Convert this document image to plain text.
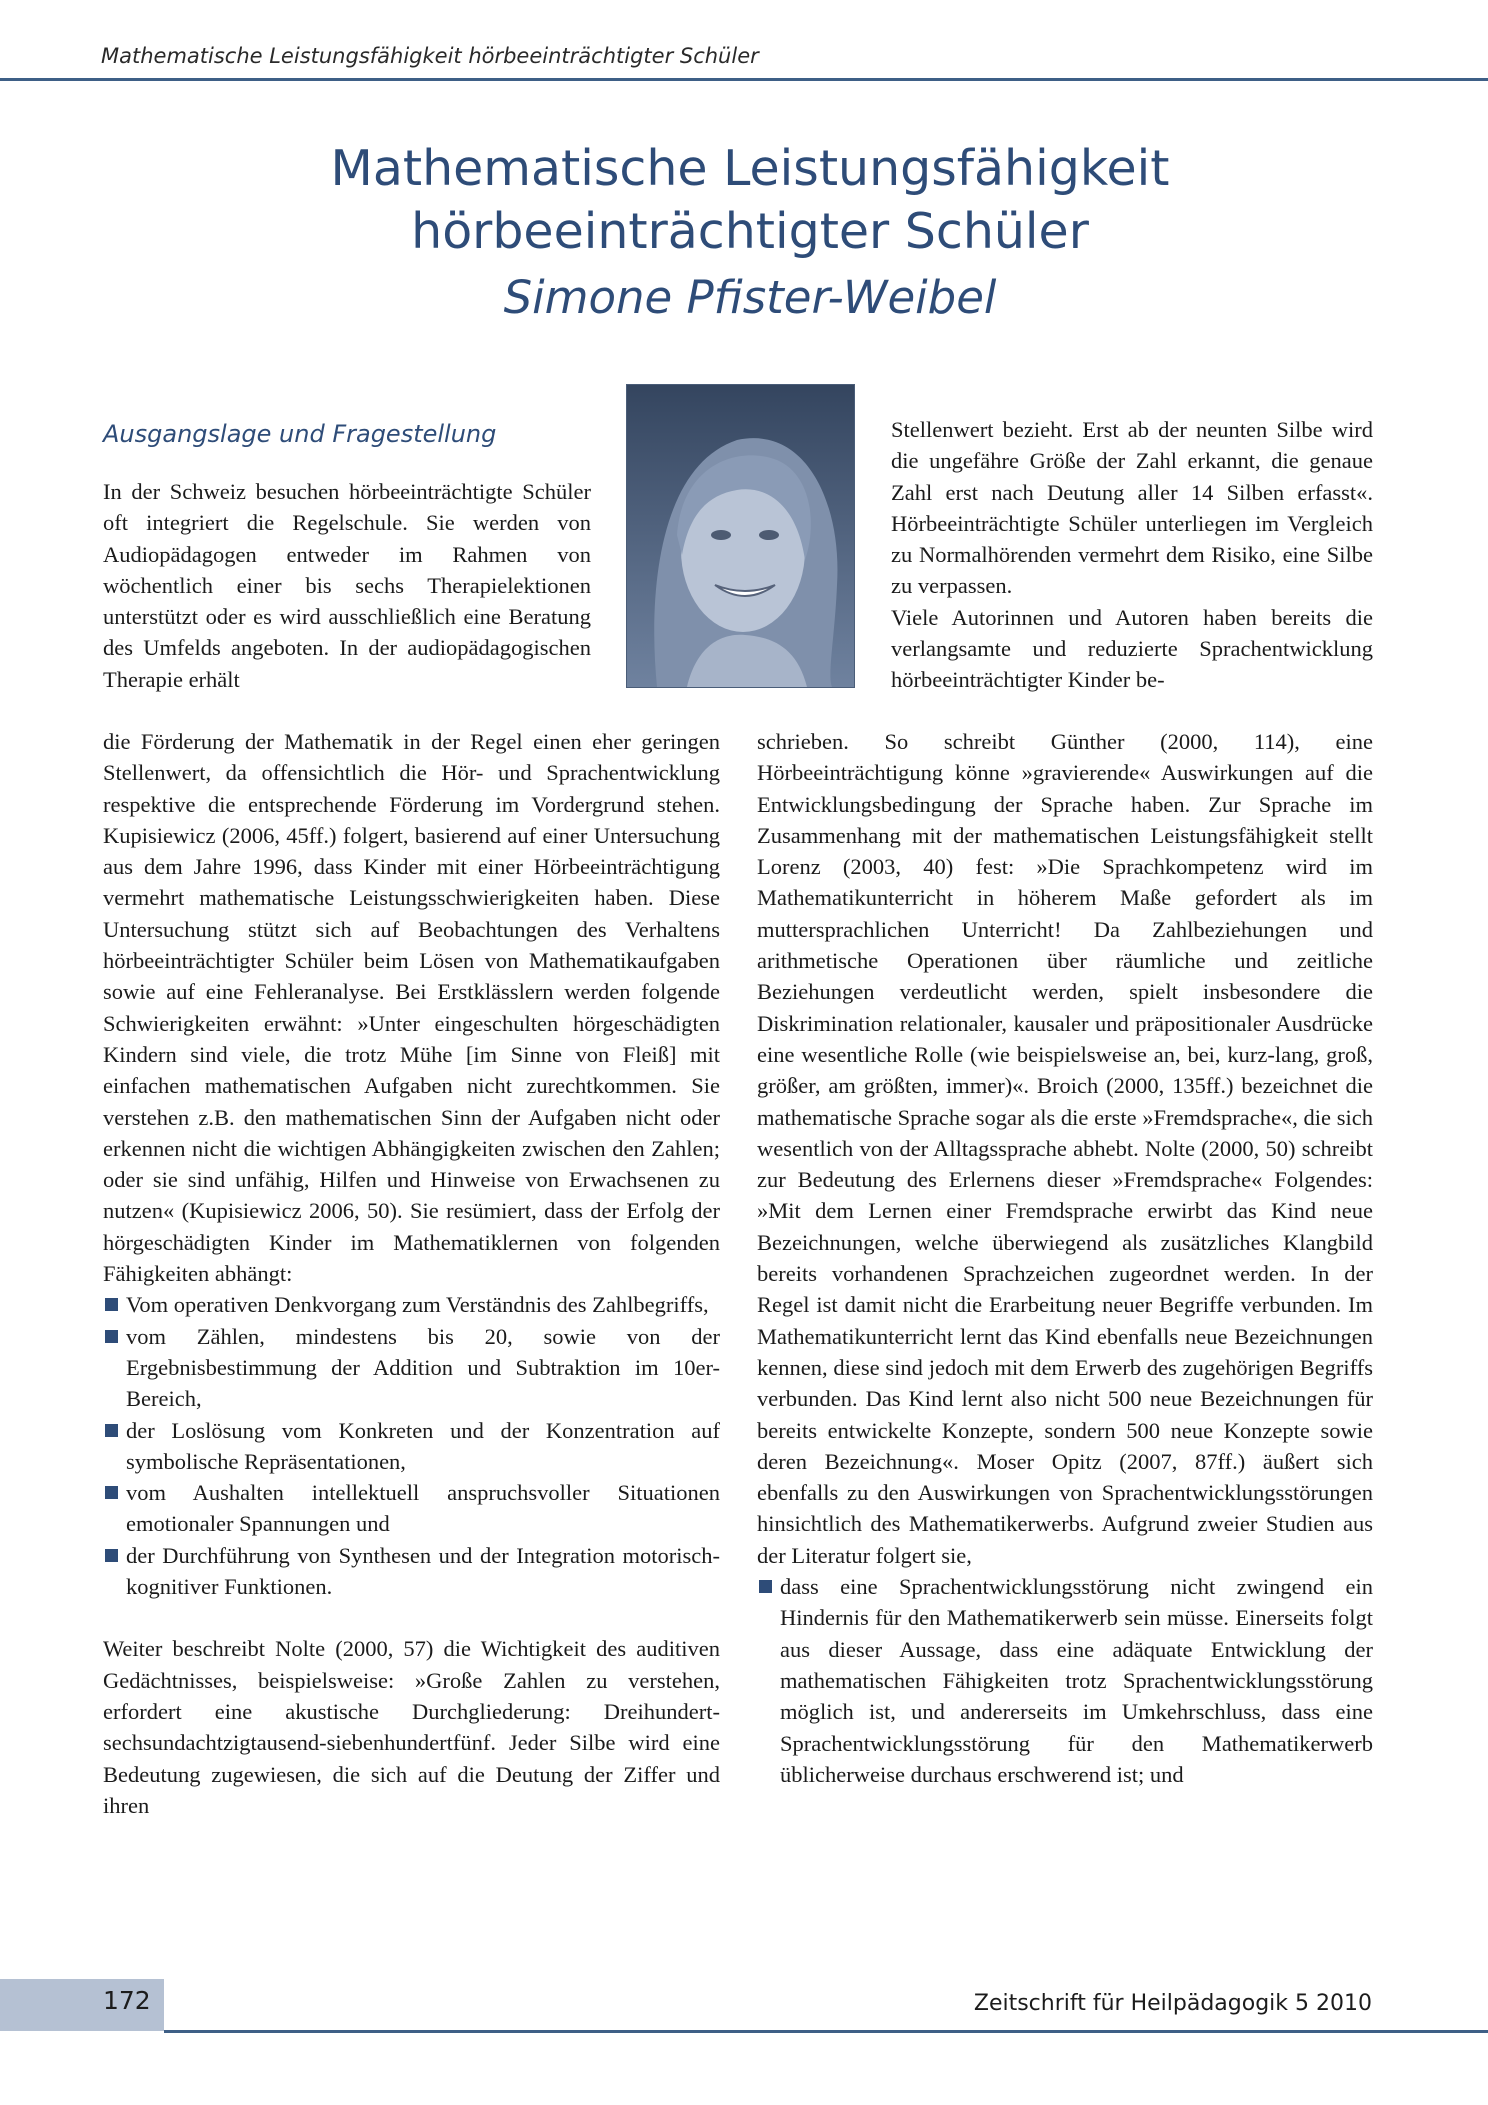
Mathematische Leistungsfähigkeit hörbeeinträchtigter Schüler
Mathematische Leistungsfähigkeit
hörbeeinträchtigter Schüler
Simone Pfister-Weibel
Ausgangslage und Fragestellung

In der Schweiz besuchen hörbeeinträchtigte Schüler oft integriert die Regelschule. Sie werden von Audiopädagogen entweder im Rahmen von wöchentlich einer bis sechs Therapielektionen unterstützt oder es wird ausschließlich eine Beratung des Umfelds angeboten. In der audiopädagogischen Therapie erhält

die Förderung der Mathematik in der Regel einen eher geringen Stellenwert, da offensichtlich die Hör- und Sprachentwicklung respektive die entsprechende Förderung im Vordergrund stehen. Kupisiewicz (2006, 45ff.) folgert, basierend auf einer Untersuchung aus dem Jahre 1996, dass Kinder mit einer Hörbeeinträchtigung vermehrt mathematische Leistungsschwierigkeiten haben. Diese Untersuchung stützt sich auf Beobachtungen des Verhaltens hörbeeinträchtigter Schüler beim Lösen von Mathematikaufgaben sowie auf eine Fehleranalyse. Bei Erstklässlern werden folgende Schwierigkeiten erwähnt: »Unter eingeschulten hörgeschädigten Kindern sind viele, die trotz Mühe [im Sinne von Fleiß] mit einfachen mathematischen Aufgaben nicht zurechtkommen. Sie verstehen z.B. den mathematischen Sinn der Aufgaben nicht oder erkennen nicht die wichtigen Abhängigkeiten zwischen den Zahlen; oder sie sind unfähig, Hilfen und Hinweise von Erwachsenen zu nutzen« (Kupisiewicz 2006, 50). Sie resümiert, dass der Erfolg der hörgeschädigten Kinder im Mathematiklernen von folgenden Fähigkeiten abhängt:

Vom operativen Denkvorgang zum Verständnis des Zahlbegriffs,
vom Zählen, mindestens bis 20, sowie von der Ergebnisbestimmung der Addition und Subtraktion im 10er-Bereich,
der Loslösung vom Konkreten und der Konzentration auf symbolische Repräsentationen,
vom Aushalten intellektuell anspruchsvoller Situationen emotionaler Spannungen und
der Durchführung von Synthesen und der Integration motorisch-kognitiver Funktionen.

Weiter beschreibt Nolte (2000, 57) die Wichtigkeit des auditiven Gedächtnisses, beispielsweise: »Große Zahlen zu verstehen, erfordert eine akustische Durchgliederung: Dreihundert-sechsundachtzigtausend-siebenhundertfünf. Jeder Silbe wird eine Bedeutung zugewiesen, die sich auf die Deutung der Ziffer und ihren

Stellenwert bezieht. Erst ab der neunten Silbe wird die ungefähre Größe der Zahl erkannt, die genaue Zahl erst nach Deutung aller 14 Silben erfasst«. Hörbeeinträchtigte Schüler unterliegen im Vergleich zu Normalhörenden vermehrt dem Risiko, eine Silbe zu verpassen.

Viele Autorinnen und Autoren haben bereits die verlangsamte und reduzierte Sprachentwicklung hörbeeinträchtigter Kinder be-

schrieben. So schreibt Günther (2000, 114), eine Hörbeeinträchtigung könne »gravierende« Auswirkungen auf die Entwicklungsbedingung der Sprache haben. Zur Sprache im Zusammenhang mit der mathematischen Leistungsfähigkeit stellt Lorenz (2003, 40) fest: »Die Sprachkompetenz wird im Mathematikunterricht in höherem Maße gefordert als im muttersprachlichen Unterricht! Da Zahlbeziehungen und arithmetische Operationen über räumliche und zeitliche Beziehungen verdeutlicht werden, spielt insbesondere die Diskrimination relationaler, kausaler und präpositionaler Ausdrücke eine wesentliche Rolle (wie beispielsweise an, bei, kurz-lang, groß, größer, am größten, immer)«. Broich (2000, 135ff.) bezeichnet die mathematische Sprache sogar als die erste »Fremdsprache«, die sich wesentlich von der Alltagssprache abhebt. Nolte (2000, 50) schreibt zur Bedeutung des Erlernens dieser »Fremdsprache« Folgendes: »Mit dem Lernen einer Fremdsprache erwirbt das Kind neue Bezeichnungen, welche überwiegend als zusätzliches Klangbild bereits vorhandenen Sprachzeichen zugeordnet werden. In der Regel ist damit nicht die Erarbeitung neuer Begriffe verbunden. Im Mathematikunterricht lernt das Kind ebenfalls neue Bezeichnungen kennen, diese sind jedoch mit dem Erwerb des zugehörigen Begriffs verbunden. Das Kind lernt also nicht 500 neue Bezeichnungen für bereits entwickelte Konzepte, sondern 500 neue Konzepte sowie deren Bezeichnung«. Moser Opitz (2007, 87ff.) äußert sich ebenfalls zu den Auswirkungen von Sprachentwicklungsstörungen hinsichtlich des Mathematikerwerbs. Aufgrund zweier Studien aus der Literatur folgert sie,

dass eine Sprachentwicklungsstörung nicht zwingend ein Hindernis für den Mathematikerwerb sein müsse. Einerseits folgt aus dieser Aussage, dass eine adäquate Entwicklung der mathematischen Fähigkeiten trotz Sprachentwicklungsstörung möglich ist, und andererseits im Umkehrschluss, dass eine Sprachentwicklungsstörung für den Mathematikerwerb üblicherweise durchaus erschwerend ist; und
172	Zeitschrift für Heilpädagogik 5 2010
